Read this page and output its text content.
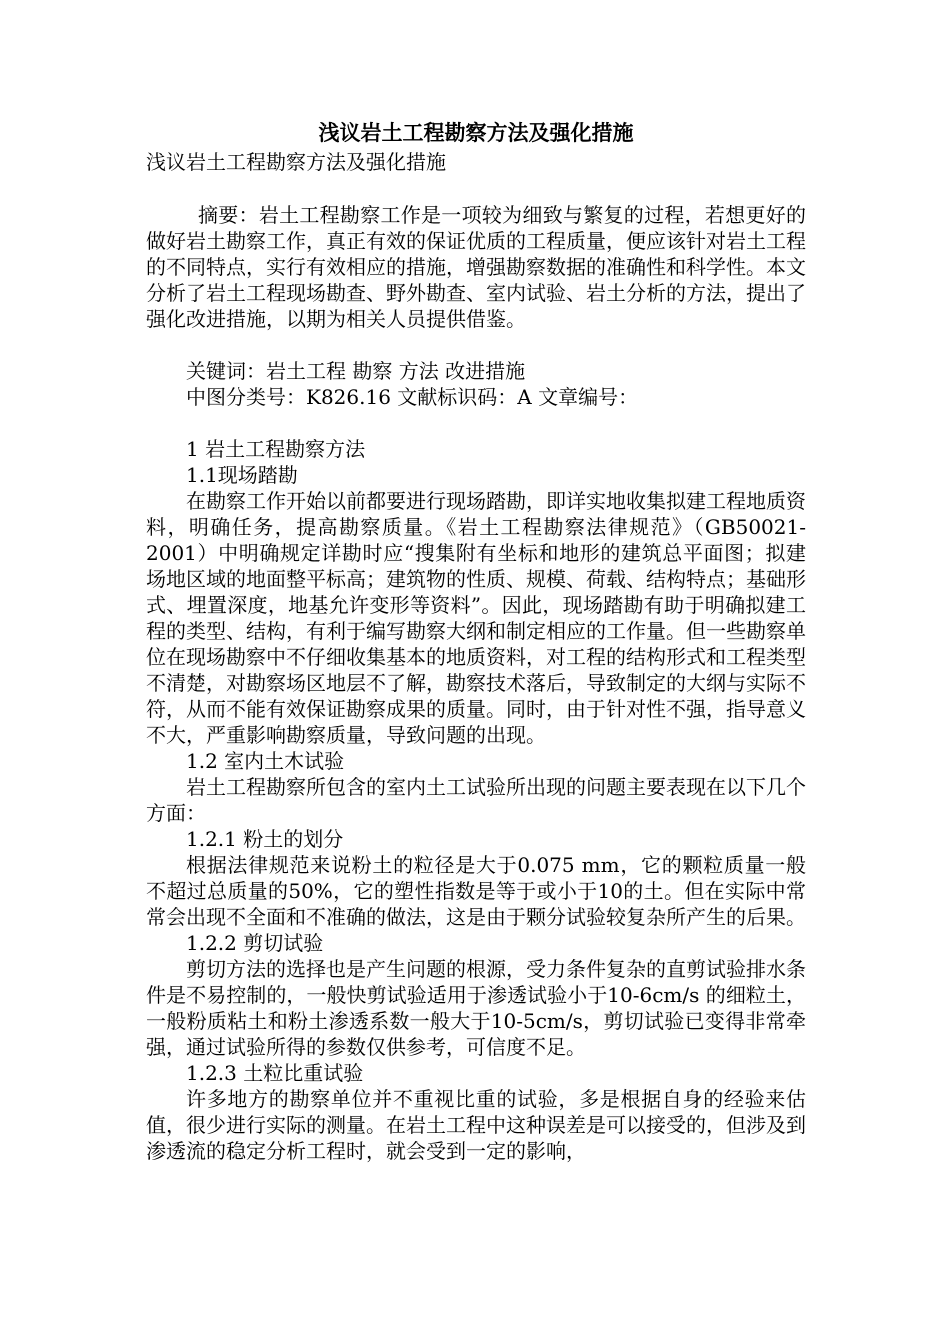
浅议岩土工程勘察方法及强化措施

浅议岩土工程勘察方法及强化措施

摘要：岩土工程勘察工作是一项较为细致与繁复的过程，若想更好的做好岩土勘察工作，真正有效的保证优质的工程质量，便应该针对岩土工程的不同特点，实行有效相应的措施，增强勘察数据的准确性和科学性。本文分析了岩土工程现场勘查、野外勘查、室内试验、岩土分析的方法，提出了强化改进措施，以期为相关人员提供借鉴。

关键词：岩土工程 勘察 方法 改进措施

中图分类号：K826.16 文献标识码：A 文章编号：

1 岩土工程勘察方法

1.1现场踏勘

在勘察工作开始以前都要进行现场踏勘，即详实地收集拟建工程地质资料，明确任务，提高勘察质量。《岩土工程勘察法律规范》（GB50021- 2001）中明确规定详勘时应“搜集附有坐标和地形的建筑总平面图；拟建场地区域的地面整平标高；建筑物的性质、规模、荷载、结构特点；基础形式、埋置深度，地基允许变形等资料”。因此，现场踏勘有助于明确拟建工程的类型、结构，有利于编写勘察大纲和制定相应的工作量。但一些勘察单位在现场勘察中不仔细收集基本的地质资料，对工程的结构形式和工程类型不清楚，对勘察场区地层不了解，勘察技术落后，导致制定的大纲与实际不符，从而不能有效保证勘察成果的质量。同时，由于针对性不强，指导意义不大，严重影响勘察质量，导致问题的出现。

1.2 室内土木试验

岩土工程勘察所包含的室内土工试验所出现的问题主要表现在以下几个方面：

1.2.1 粉土的划分

根据法律规范来说粉土的粒径是大于0.075 mm，它的颗粒质量一般不超过总质量的50%，它的塑性指数是等于或小于10的土。但在实际中常常会出现不全面和不准确的做法，这是由于颗分试验较复杂所产生的后果。

1.2.2 剪切试验

剪切方法的选择也是产生问题的根源，受力条件复杂的直剪试验排水条件是不易控制的，一般快剪试验适用于渗透试验小于10-6cm/s 的细粒土，一般粉质粘土和粉土渗透系数一般大于10-5cm/s，剪切试验已变得非常牵强，通过试验所得的参数仅供参考，可信度不足。

1.2.3 土粒比重试验

许多地方的勘察单位并不重视比重的试验，多是根据自身的经验来估值，很少进行实际的测量。在岩土工程中这种误差是可以接受的，但涉及到渗透流的稳定分析工程时，就会受到一定的影响，
